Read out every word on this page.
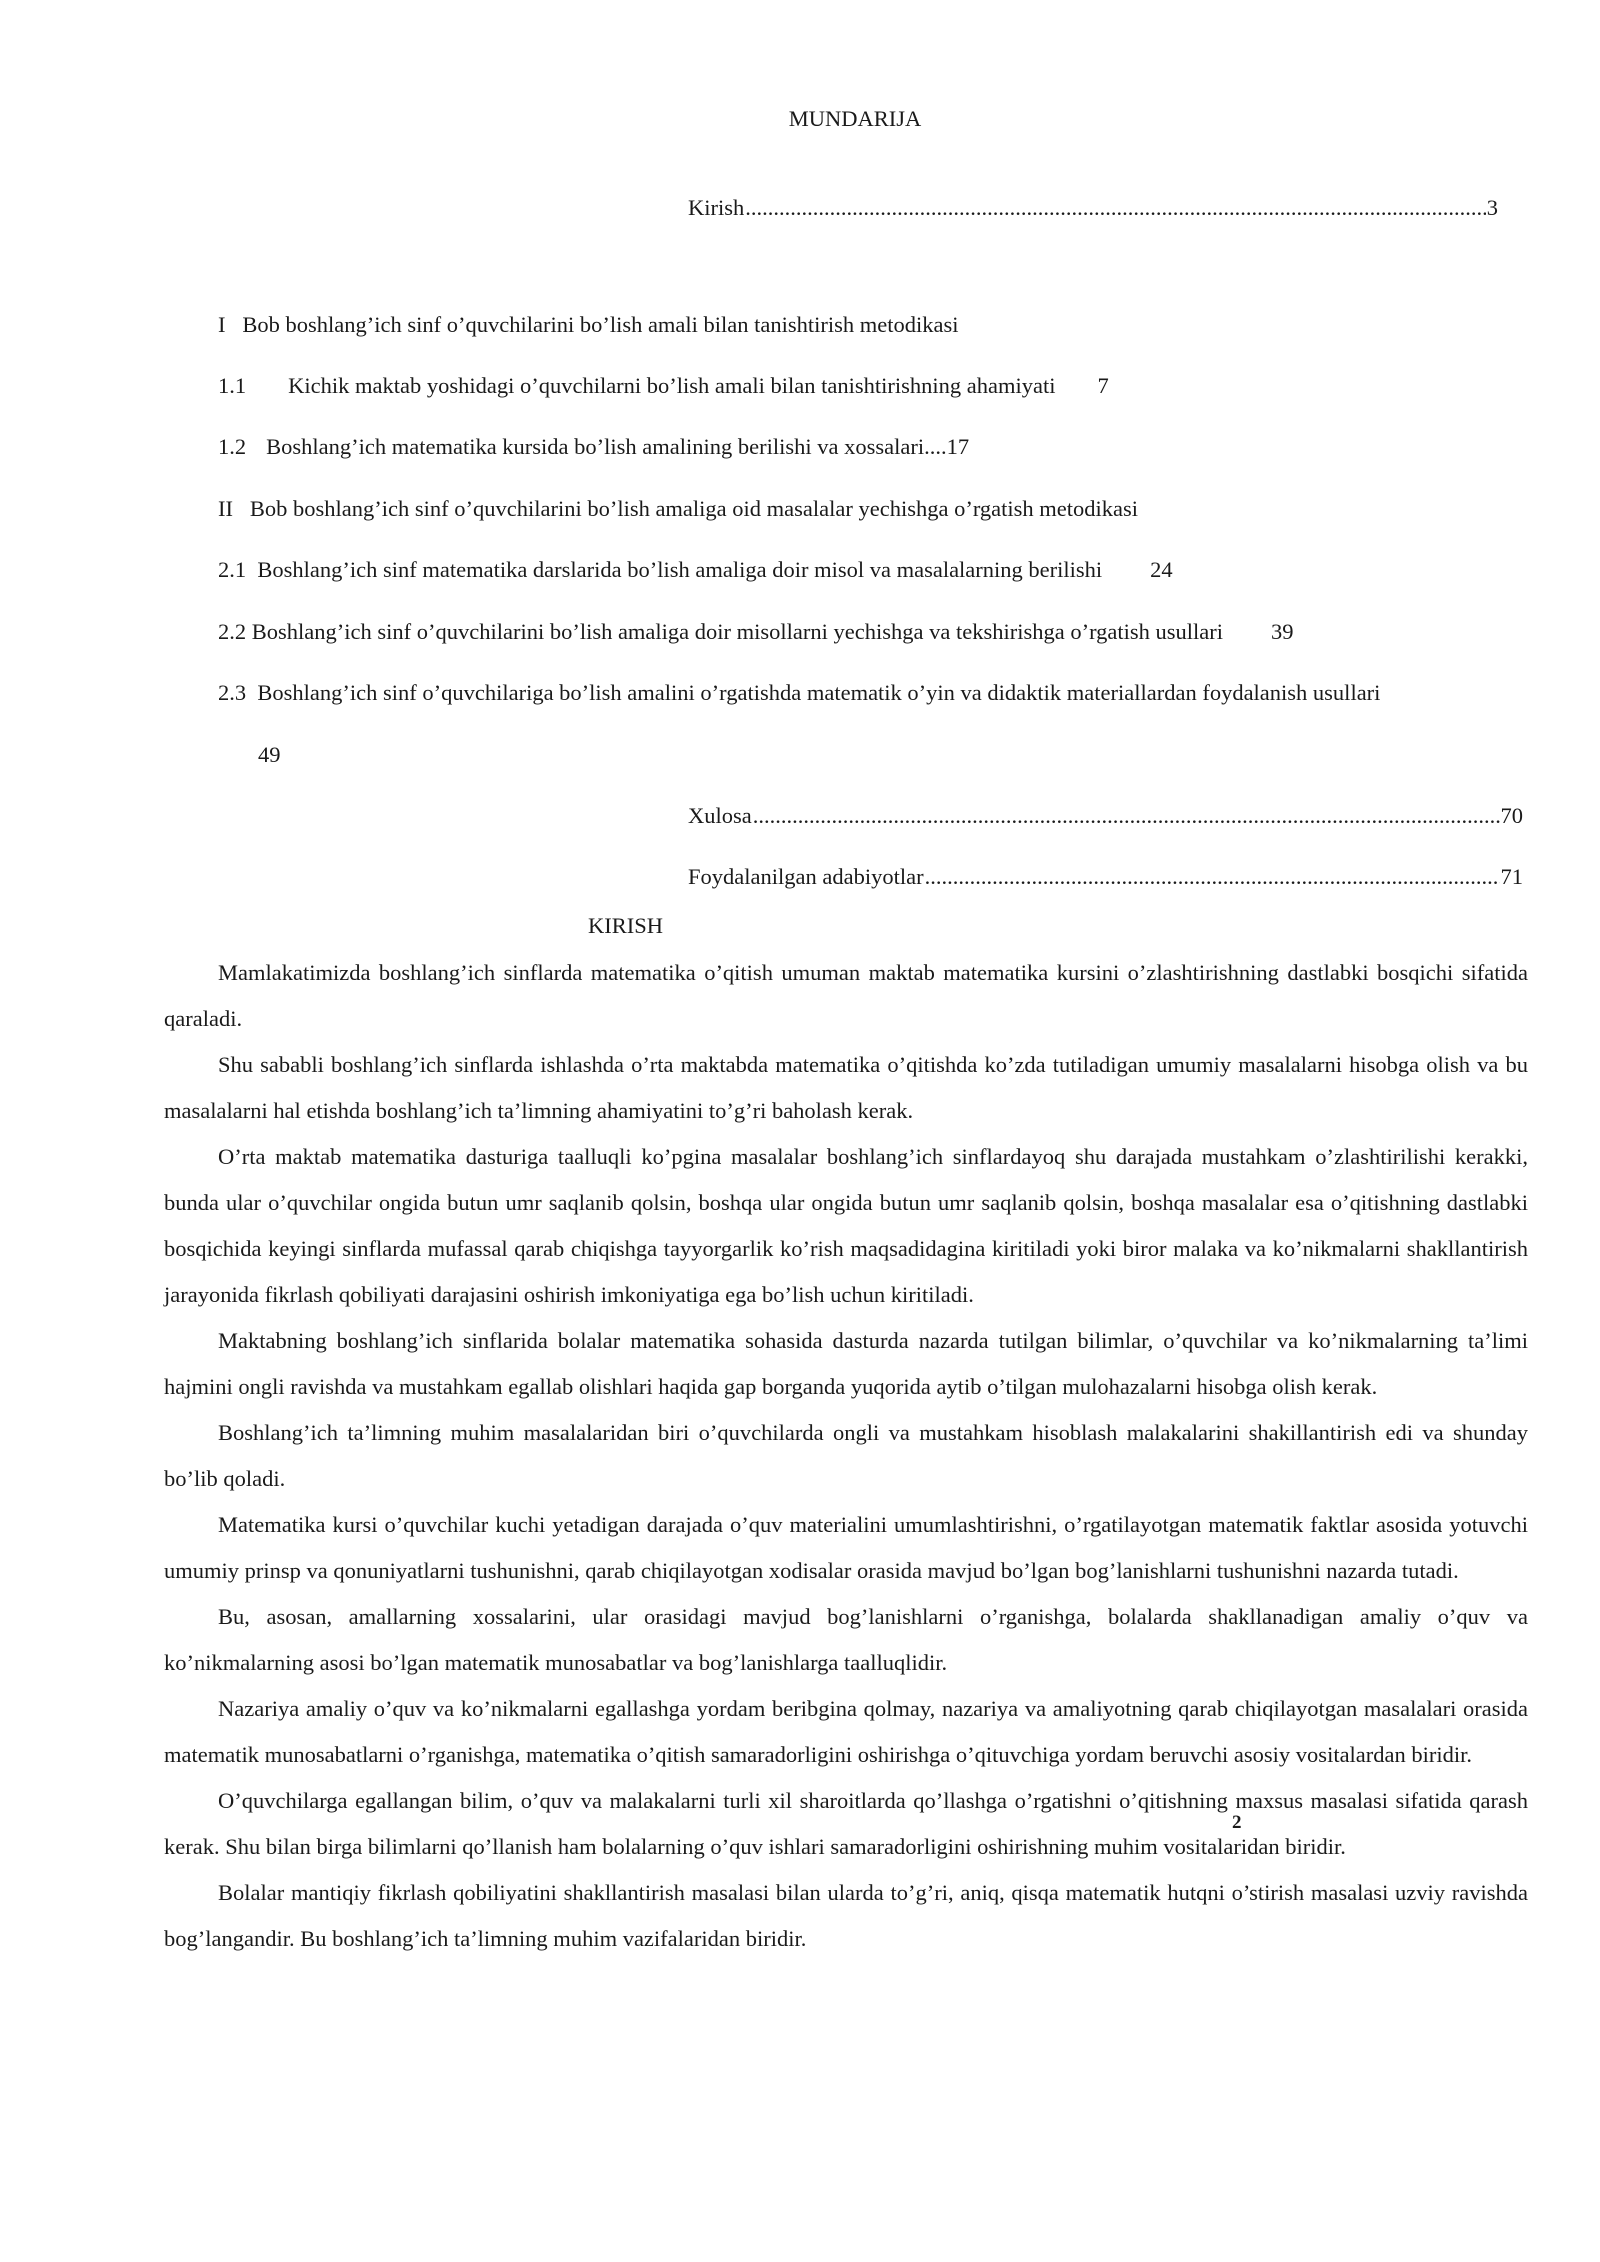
MUNDARIJA
Kirish .....	3
I Bob boshlang’ich sinf o’quvchilarini bo’lish amali bilan tanishtirish metodikasi
1.1 Kichik maktab yoshidagi o’quvchilarni bo’lish amali bilan tanishtirishning ahamiyati 7
1.2 Boshlang’ich matematika kursida bo’lish amalining berilishi va xossalari....17
II Bob boshlang’ich sinf o’quvchilarini bo’lish amaliga oid masalalar yechishga o’rgatish metodikasi
2.1 Boshlang’ich sinf matematika darslarida bo’lish amaliga doir misol va masalalarning berilishi 24
2.2 Boshlang’ich sinf o’quvchilarini bo’lish amaliga doir misollarni yechishga va tekshirishga o’rgatish usullari 39
2.3 Boshlang’ich sinf o’quvchilariga bo’lish amalini o’rgatishda matematik o’yin va didaktik materiallardan foydalanish usullari
49
Xulosa .....	70
Foydalanilgan adabiyotlar .....	71
KIRISH

Mamlakatimizda boshlang’ich sinflarda matematika o’qitish umuman maktab matematika kursini o’zlashtirishning dastlabki bosqichi sifatida qaraladi.

Shu sababli boshlang’ich sinflarda ishlashda o’rta maktabda matematika o’qitishda ko’zda tutiladigan umumiy masalalarni hisobga olish va bu masalalarni hal etishda boshlang’ich ta’limning ahamiyatini to’g’ri baholash kerak.

O’rta maktab matematika dasturiga taalluqli ko’pgina masalalar boshlang’ich sinflardayoq shu darajada mustahkam o’zlashtirilishi kerakki, bunda ular o’quvchilar ongida butun umr saqlanib qolsin, boshqa ular ongida butun umr saqlanib qolsin, boshqa masalalar esa o’qitishning dastlabki bosqichida keyingi sinflarda mufassal qarab chiqishga tayyorgarlik ko’rish maqsadidagina kiritiladi yoki biror malaka va ko’nikmalarni shakllantirish jarayonida fikrlash qobiliyati darajasini oshirish imkoniyatiga ega bo’lish uchun kiritiladi.

Maktabning boshlang’ich sinflarida bolalar matematika sohasida dasturda nazarda tutilgan bilimlar, o’quvchilar va ko’nikmalarning ta’limi hajmini ongli ravishda va mustahkam egallab olishlari haqida gap borganda yuqorida aytib o’tilgan mulohazalarni hisobga olish kerak.

Boshlang’ich ta’limning muhim masalalaridan biri o’quvchilarda ongli va mustahkam hisoblash malakalarini shakillantirish edi va shunday bo’lib qoladi.

Matematika kursi o’quvchilar kuchi yetadigan darajada o’quv materialini umumlashtirishni, o’rgatilayotgan matematik faktlar asosida yotuvchi umumiy prinsp va qonuniyatlarni tushunishni, qarab chiqilayotgan xodisalar orasida mavjud bo’lgan bog’lanishlarni tushunishni nazarda tutadi.

Bu, asosan, amallarning xossalarini, ular orasidagi mavjud bog’lanishlarni o’rganishga, bolalarda shakllanadigan amaliy o’quv va ko’nikmalarning asosi bo’lgan matematik munosabatlar va bog’lanishlarga taalluqlidir.

Nazariya amaliy o’quv va ko’nikmalarni egallashga yordam beribgina qolmay, nazariya va amaliyotning qarab chiqilayotgan masalalari orasida matematik munosabatlarni o’rganishga, matematika o’qitish samaradorligini oshirishga o’qituvchiga yordam beruvchi asosiy vositalardan biridir.

O’quvchilarga egallangan bilim, o’quv va malakalarni turli xil sharoitlarda qo’llashga o’rgatishni o’qitishning maxsus masalasi sifatida qarash kerak. Shu bilan birga bilimlarni qo’llanish ham bolalarning o’quv ishlari samaradorligini oshirishning muhim vositalaridan biridir.

Bolalar mantiqiy fikrlash qobiliyatini shakllantirish masalasi bilan ularda to’g’ri, aniq, qisqa matematik hutqni o’stirish masalasi uzviy ravishda bog’langandir. Bu boshlang’ich ta’limning muhim vazifalaridan biridir.

2
